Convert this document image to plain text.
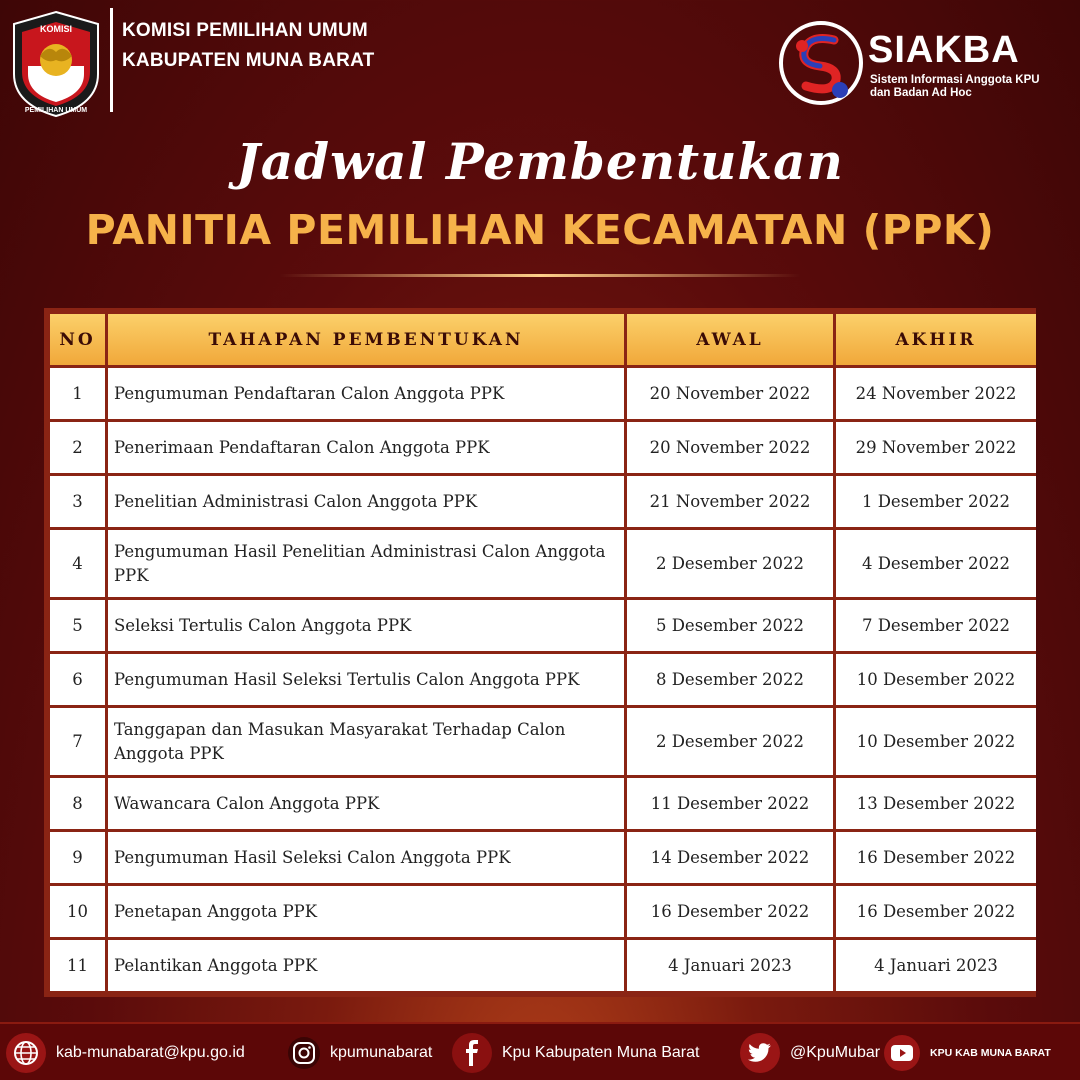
KOMISI
PEMILIHAN UMUM
KOMISI PEMILIHAN UMUM
KABUPATEN MUNA BARAT	SIAKBA
Sistem Informasi Anggota KPU
dan Badan Ad Hoc
Jadwal Pembentukan
PANITIA PEMILIHAN KECAMATAN (PPK)
NO	TAHAPAN PEMBENTUKAN	AWAL	AKHIR
1	Pengumuman Pendaftaran Calon Anggota PPK	20 November 2022	24 November 2022
2	Penerimaan Pendaftaran Calon Anggota PPK	20 November 2022	29 November 2022
3	Penelitian Administrasi Calon Anggota PPK	21 November 2022	1 Desember 2022
4	Pengumuman Hasil Penelitian Administrasi Calon Anggota PPK	2 Desember 2022	4 Desember 2022
5	Seleksi Tertulis Calon Anggota PPK	5 Desember 2022	7 Desember 2022
6	Pengumuman Hasil Seleksi Tertulis Calon Anggota PPK	8 Desember 2022	10 Desember 2022
7	Tanggapan dan Masukan Masyarakat Terhadap Calon Anggota PPK	2 Desember 2022	10 Desember 2022
8	Wawancara Calon Anggota PPK	11 Desember 2022	13 Desember 2022
9	Pengumuman Hasil Seleksi Calon Anggota PPK	14 Desember 2022	16 Desember 2022
10	Penetapan Anggota PPK	16 Desember 2022	16 Desember 2022
11	Pelantikan Anggota PPK	4 Januari 2023	4 Januari 2023
kab-munabarat@kpu.go.id	kpumunabarat	Kpu Kabupaten Muna Barat	@KpuMubar	KPU KAB MUNA BARAT
